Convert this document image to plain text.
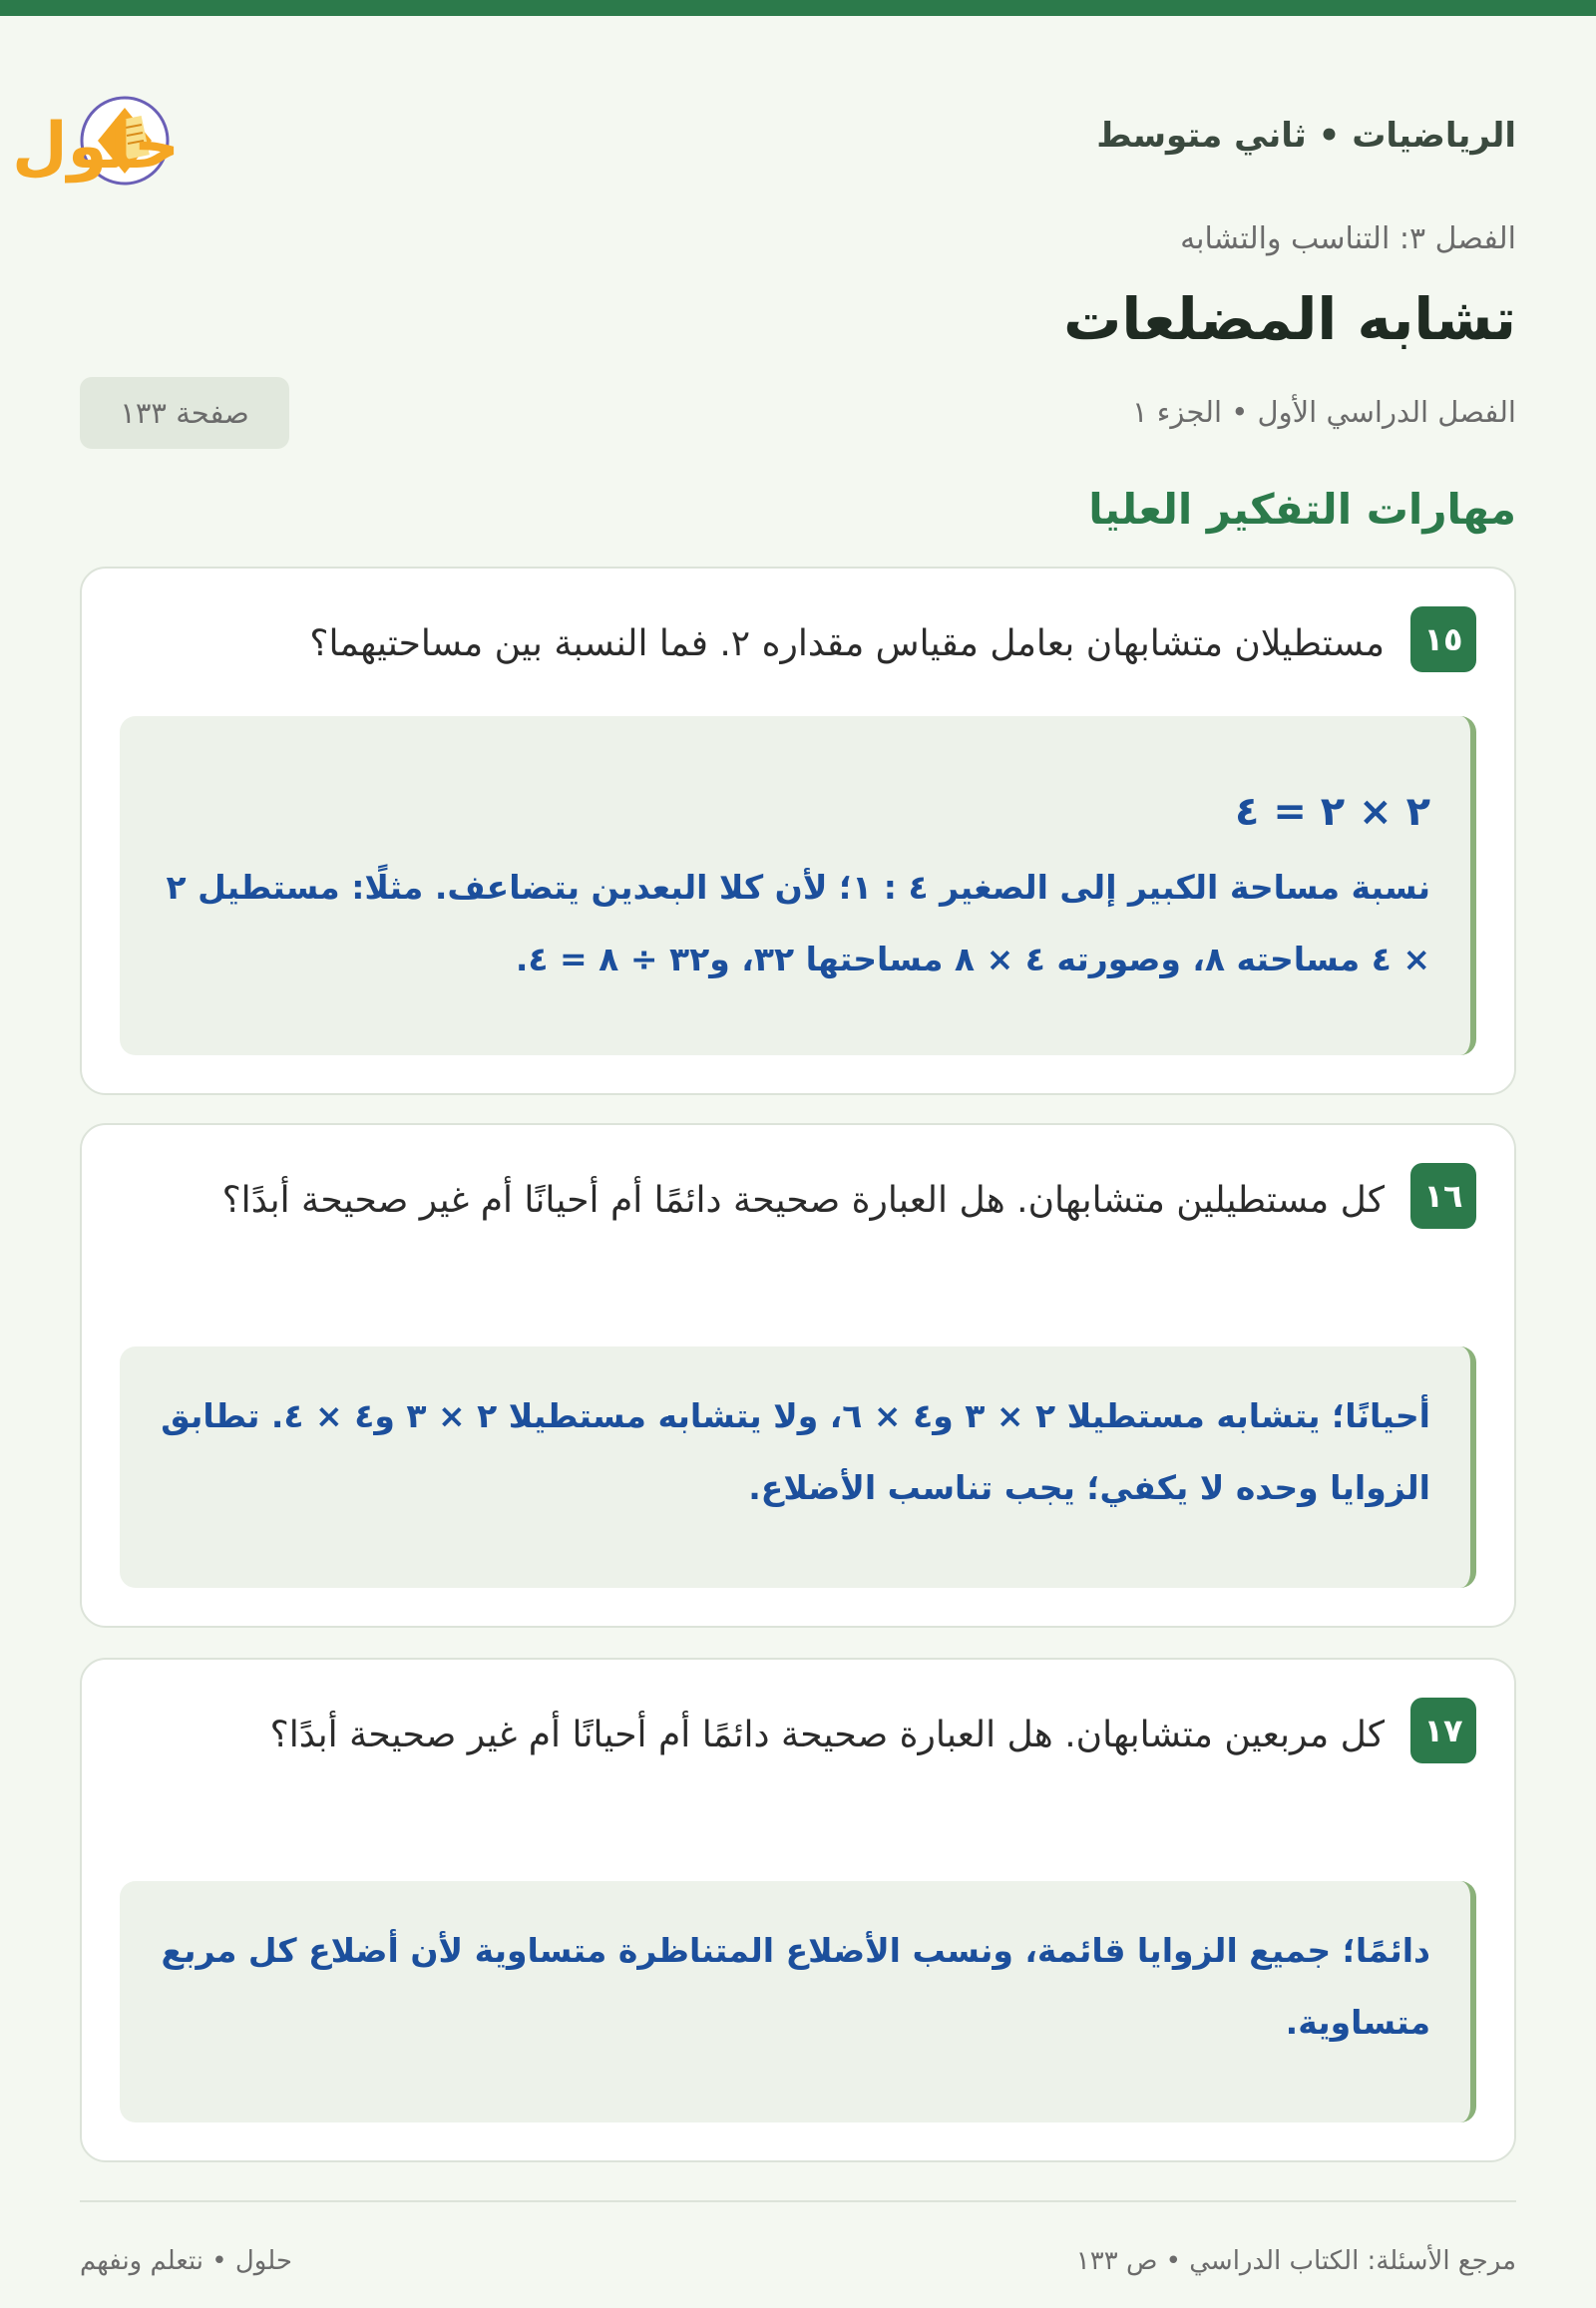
الرياضيات • ثاني متوسط
حلول
الفصل ٣: التناسب والتشابه
تشابه المضلعات
الفصل الدراسي الأول • الجزء ١
صفحة ١٣٣
مهارات التفكير العليا
١٥
مستطيلان متشابهان بعامل مقياس مقداره ٢. فما النسبة بين مساحتيهما؟
٢ × ٢ = ٤
نسبة مساحة الكبير إلى الصغير ٤ : ١؛ لأن كلا البعدين يتضاعف. مثلًا: مستطيل ٢ × ٤ مساحته ٨، وصورته ٤ × ٨ مساحتها ٣٢، و٣٢ ÷ ٨ = ٤.
١٦
كل مستطيلين متشابهان. هل العبارة صحيحة دائمًا أم أحيانًا أم غير صحيحة أبدًا؟
أحيانًا؛ يتشابه مستطيلا ٢ × ٣ و٤ × ٦، ولا يتشابه مستطيلا ٢ × ٣ و٤ × ٤. تطابق الزوايا وحده لا يكفي؛ يجب تناسب الأضلاع.
١٧
كل مربعين متشابهان. هل العبارة صحيحة دائمًا أم أحيانًا أم غير صحيحة أبدًا؟
دائمًا؛ جميع الزوايا قائمة، ونسب الأضلاع المتناظرة متساوية لأن أضلاع كل مربع متساوية.
مرجع الأسئلة: الكتاب الدراسي • ص ١٣٣
حلول • نتعلم ونفهم
